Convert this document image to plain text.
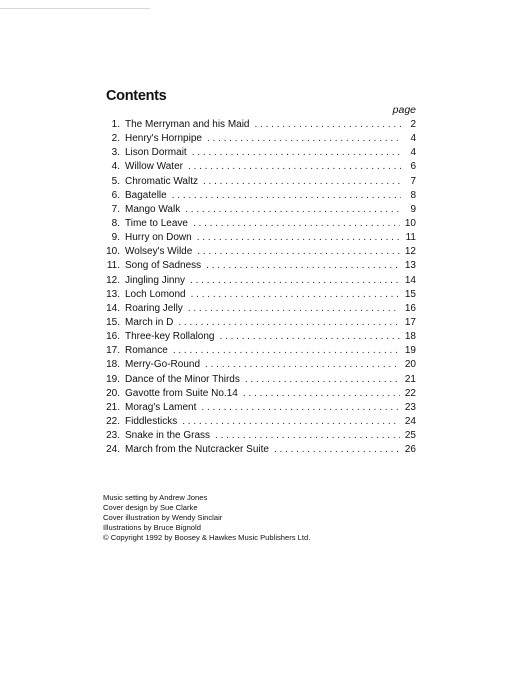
Contents
page
1. The Merryman and his Maid . . .	2
2. Henry's Hornpipe . . .	4
3. Lison Dormait . . .	4
4. Willow Water . . .	6
5. Chromatic Waltz . . .	7
6. Bagatelle . . .	8
7. Mango Walk . . .	9
8. Time to Leave . . .	10
9. Hurry on Down . . .	11
10. Wolsey's Wilde . . .	12
11. Song of Sadness . . .	13
12. Jingling Jinny . . .	14
13. Loch Lomond . . .	15
14. Roaring Jelly . . .	16
15. March in D . . .	17
16. Three-key Rollalong . . .	18
17. Romance . . .	19
18. Merry-Go-Round . . .	20
19. Dance of the Minor Thirds . . .	21
20. Gavotte from Suite No.14 . . .	22
21. Morag's Lament . . .	23
22. Fiddlesticks . . .	24
23. Snake in the Grass . . .	25
24. March from the Nutcracker Suite . . .	26
Music setting by Andrew Jones
Cover design by Sue Clarke
Cover illustration by Wendy Sinclair
Illustrations by Bruce Bignold
© Copyright 1992 by Boosey & Hawkes Music Publishers Ltd.
